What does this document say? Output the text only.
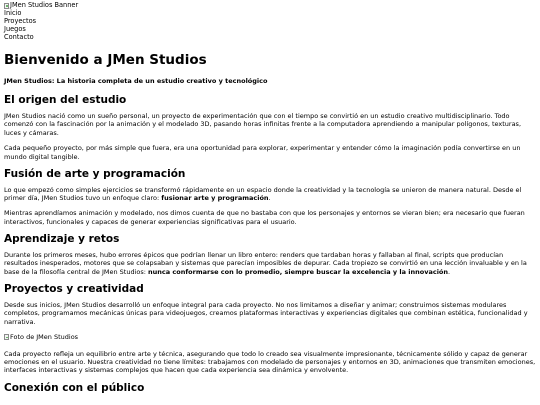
JMen Studios Banner
Inicio
Proyectos
Juegos
Contacto
Bienvenido a JMen Studios
JMen Studios: La historia completa de un estudio creativo y tecnológico
El origen del estudio

JMen Studios nació como un sueño personal, un proyecto de experimentación que con el tiempo se convirtió en un estudio creativo multidisciplinario. Todo comenzó con la fascinación por la animación y el modelado 3D, pasando horas infinitas frente a la computadora aprendiendo a manipular polígonos, texturas, luces y cámaras.

Cada pequeño proyecto, por más simple que fuera, era una oportunidad para explorar, experimentar y entender cómo la imaginación podía convertirse en un mundo digital tangible.

Fusión de arte y programación

Lo que empezó como simples ejercicios se transformó rápidamente en un espacio donde la creatividad y la tecnología se unieron de manera natural. Desde el primer día, JMen Studios tuvo un enfoque claro: fusionar arte y programación.

Mientras aprendíamos animación y modelado, nos dimos cuenta de que no bastaba con que los personajes y entornos se vieran bien; era necesario que fueran interactivos, funcionales y capaces de generar experiencias significativas para el usuario.

Aprendizaje y retos

Durante los primeros meses, hubo errores épicos que podrían llenar un libro entero: renders que tardaban horas y fallaban al final, scripts que producían resultados inesperados, motores que se colapsaban y sistemas que parecían imposibles de depurar. Cada tropiezo se convirtió en una lección invaluable y en la base de la filosofía central de JMen Studios: nunca conformarse con lo promedio, siempre buscar la excelencia y la innovación.

Proyectos y creatividad

Desde sus inicios, JMen Studios desarrolló un enfoque integral para cada proyecto. No nos limitamos a diseñar y animar; construimos sistemas modulares completos, programamos mecánicas únicas para videojuegos, creamos plataformas interactivas y experiencias digitales que combinan estética, funcionalidad y narrativa.

Foto de JMen Studios

Cada proyecto refleja un equilibrio entre arte y técnica, asegurando que todo lo creado sea visualmente impresionante, técnicamente sólido y capaz de generar emociones en el usuario. Nuestra creatividad no tiene límites: trabajamos con modelado de personajes y entornos en 3D, animaciones que transmiten emociones, interfaces interactivas y sistemas complejos que hacen que cada experiencia sea dinámica y envolvente.

Conexión con el público
